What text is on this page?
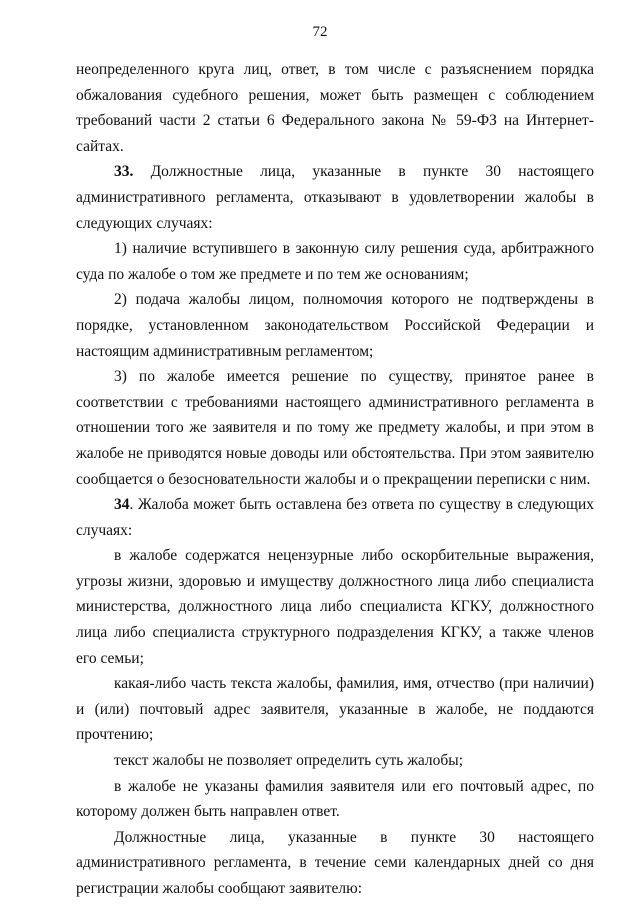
72

неопределенного круга лиц, ответ, в том числе с разъяснением порядка обжалования судебного решения, может быть размещен с соблюдением требований части 2 статьи 6 Федерального закона № 59-ФЗ на Интернет-сайтах.

33. Должностные лица, указанные в пункте 30 настоящего административного регламента, отказывают в удовлетворении жалобы в следующих случаях:

1) наличие вступившего в законную силу решения суда, арбитражного суда по жалобе о том же предмете и по тем же основаниям;

2) подача жалобы лицом, полномочия которого не подтверждены в порядке, установленном законодательством Российской Федерации и настоящим административным регламентом;

3) по жалобе имеется решение по существу, принятое ранее в соответствии с требованиями настоящего административного регламента в отношении того же заявителя и по тому же предмету жалобы, и при этом в жалобе не приводятся новые доводы или обстоятельства. При этом заявителю сообщается о безосновательности жалобы и о прекращении переписки с ним.

34. Жалоба может быть оставлена без ответа по существу в следующих случаях:

в жалобе содержатся нецензурные либо оскорбительные выражения, угрозы жизни, здоровью и имуществу должностного лица либо специалиста министерства, должностного лица либо специалиста КГКУ, должностного лица либо специалиста структурного подразделения КГКУ, а также членов его семьи;

какая-либо часть текста жалобы, фамилия, имя, отчество (при наличии) и (или) почтовый адрес заявителя, указанные в жалобе, не поддаются прочтению;

текст жалобы не позволяет определить суть жалобы;

в жалобе не указаны фамилия заявителя или его почтовый адрес, по которому должен быть направлен ответ.

Должностные лица, указанные в пункте 30 настоящего административного регламента, в течение семи календарных дней со дня регистрации жалобы сообщают заявителю:
